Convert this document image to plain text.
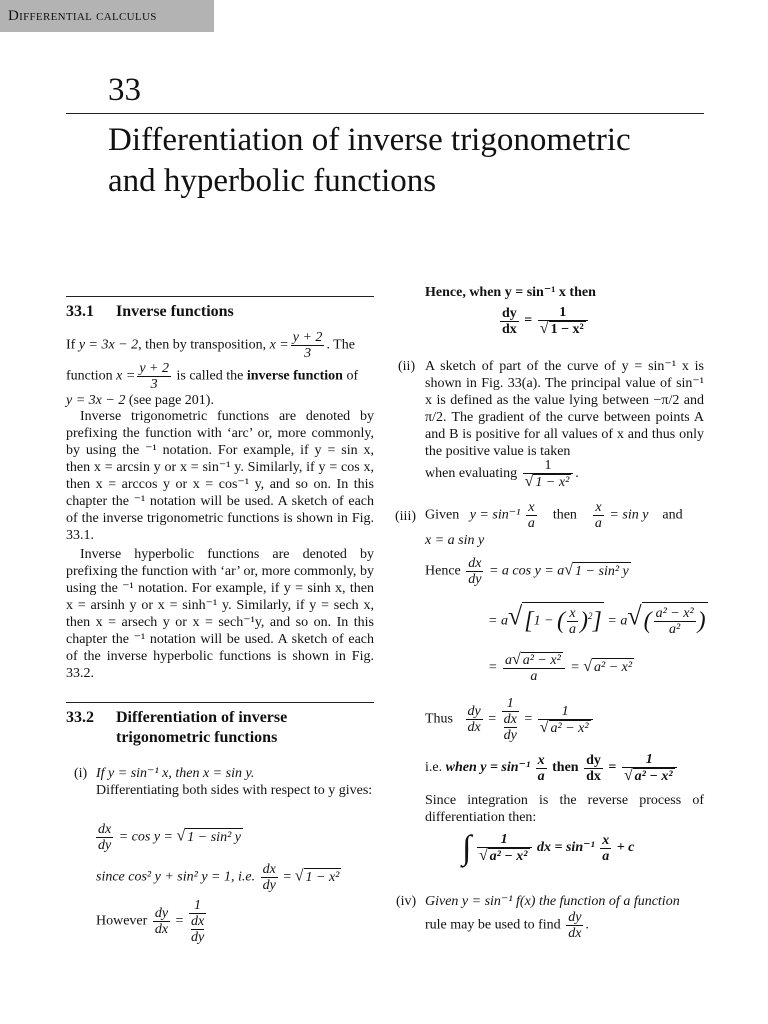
Differential calculus
33
Differentiation of inverse trigonometric and hyperbolic functions
33.1 Inverse functions
If y = 3x − 2, then by transposition, $x = \frac{y + 2}{3}$ . The
function $x = \frac{y + 2}{3}$ is called the inverse function of
y = 3x − 2 (see page 201).
Inverse trigonometric functions are denoted by prefixing the function with ‘arc’ or, more commonly, by using the ⁻¹ notation. For example, if y = sin x, then x = arcsin y or x = sin⁻¹ y. Similarly, if y = cos x, then x = arccos y or x = cos⁻¹ y, and so on. In this chapter the ⁻¹ notation will be used. A sketch of each of the inverse trigonometric functions is shown in Fig. 33.1.
Inverse hyperbolic functions are denoted by prefixing the function with ‘ar’ or, more commonly, by using the ⁻¹ notation. For example, if y = sinh x, then x = arsinh y or x = sinh⁻¹ y. Similarly, if y = sech x, then x = arsech y or x = sech⁻¹y, and so on. In this chapter the ⁻¹ notation will be used. A sketch of each of the inverse hyperbolic functions is shown in Fig. 33.2.
33.2 Differentiation of inverse
trigonometric functions
(i) If y = sin⁻¹ x, then x = sin y.
Differentiating both sides with respect to y gives:
$\frac{dx}{dy} = \cos y$ = √ 1 − sin² y
since cos² y + sin² y = 1, i.e. $\frac{dx}{dy}$ = √ 1 − x²
However $\frac{dy}{dx} = 1$
dx
dy
Hence, when y = sin⁻¹ x then
$\frac{dy}{dx} = \frac{1}{\text{√ 1 − x²}}$
(ii) A sketch of part of the curve of y = sin⁻¹ x is shown in Fig. 33(a). The principal value of sin⁻¹ x is defined as the value lying between −π/2 and π/2. The gradient of the curve between points A and B is positive for all values of x and thus only the positive value is taken
when evaluating $\frac{1}{\text{√ 1 − x²}}$ .
(iii) Given $y = \sin^{-1} \frac{x}{a}$ then $\frac{x}{a} = \sin y$ and
x = a sin y
Hence $\frac{dx}{dy} = a$ cos y = a√ 1 − sin² y
= a√[1 − ( $\frac{x}{a} )^2] = a√( \frac{\text{a² − x²}}{\text{a²}}$ )
= $\frac{\text{a√ a² − x²}}{a}$ = √ a² − x²
Thus $\frac{dy}{dx} = 1$
dx
dy = $\frac{1}{\text{√ a² − x²}}$
i.e. when $y = \sin^{-1} \frac{x}{a}$ then $\frac{dy}{dx} = \frac{1}{\text{√ a² − x²}}$
Since integration is the reverse process of differentiation then:
∫ $\frac{1}{\text{√ a² − x²}}$ dx = $\sin^{-1} \frac{x}{a} + c$
(iv) Given y = sin⁻¹ f(x) the function of a function
rule may be used to find $\frac{dy}{dx}$ .
